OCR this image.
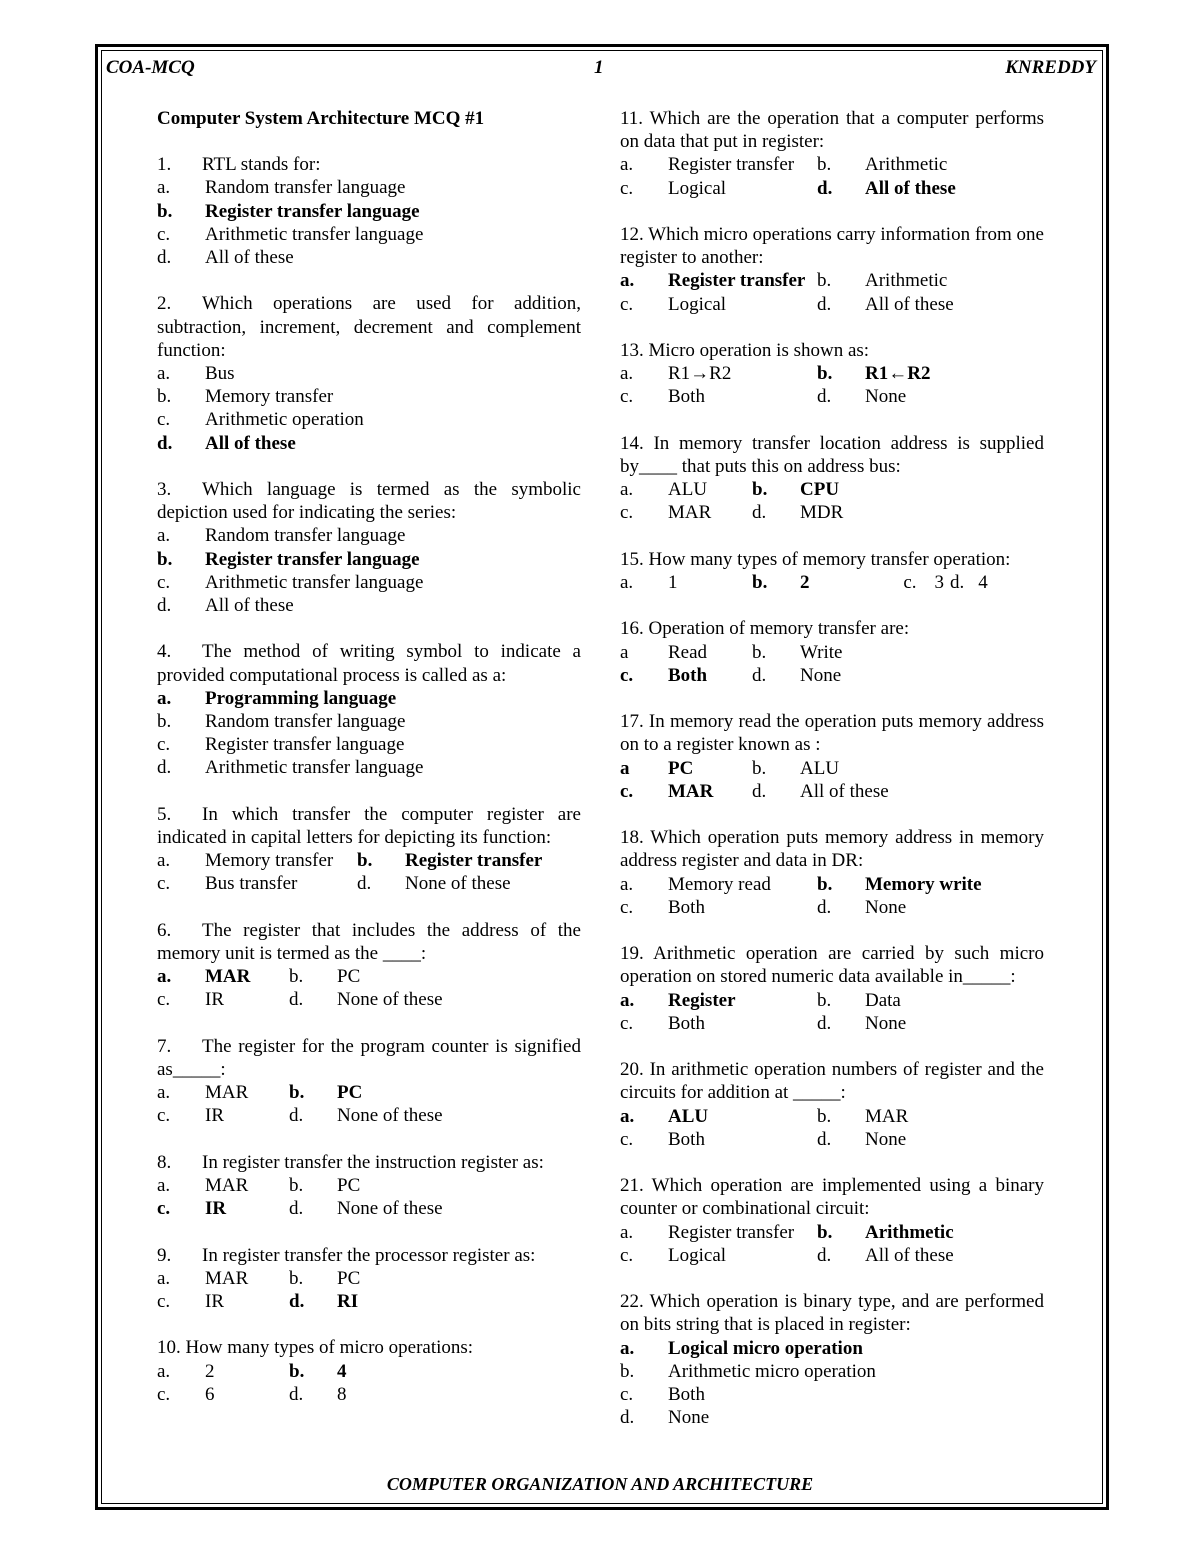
COA-MCQ	1	KNREDDY
Computer System Architecture MCQ #1
1. RTL stands for:
a.	Random transfer language
b.	Register transfer language
c.	Arithmetic transfer language
d.	All of these
2. Which operations are used for addition, subtraction, increment, decrement and complement function:
a.	Bus
b.	Memory transfer
c.	Arithmetic operation
d.	All of these
3. Which language is termed as the symbolic depiction used for indicating the series:
a.	Random transfer language
b.	Register transfer language
c.	Arithmetic transfer language
d.	All of these
4. The method of writing symbol to indicate a provided computational process is called as a:
a.	Programming language
b.	Random transfer language
c.	Register transfer language
d.	Arithmetic transfer language
5. In which transfer the computer register are indicated in capital letters for depicting its function:
a.	Memory transfer b.	Register transfer
c.	Bus transfer	d.	None of these
6. The register that includes the address of the memory unit is termed as the ____:
a.	MAR b.	PC
c.	IR	d.	None of these
7. The register for the program counter is signified as_____:
a.	MAR b.	PC
c.	IR	d.	None of these
8. In register transfer the instruction register as:
a.	MAR b.	PC
c.	IR	d.	None of these
9. In register transfer the processor register as:
a.	MAR b.	PC
c.	IR	d.	RI
10. How many types of micro operations:
a.	2	b.	4
c.	6	d.	8
11. Which are the operation that a computer performs on data that put in register:
a.	Register transfer b.	Arithmetic
c.	Logical	d.	All of these
12. Which micro operations carry information from one register to another:
a.	Register transfer b.	Arithmetic
c.	Logical	d.	All of these
13. Micro operation is shown as:
a.	R1→R2	b.	R1←R2
c.	Both	d.	None
14. In memory transfer location address is supplied by____ that puts this on address bus:
a.	ALU b.	CPU
c.	MAR d.	MDR
15. How many types of memory transfer operation:
a.	1	b.	2	c. 3 d. 4
16. Operation of memory transfer are:
a	Read b.	Write
c.	Both d.	None
17. In memory read the operation puts memory address on to a register known as :
a	PC	b.	ALU
c.	MAR d.	All of these
18. Which operation puts memory address in memory address register and data in DR:
a.	Memory read b.	Memory write
c.	Both	d.	None
19. Arithmetic operation are carried by such micro operation on stored numeric data available in_____:
a.	Register	b.	Data
c.	Both	d.	None
20. In arithmetic operation numbers of register and the circuits for addition at _____:
a.	ALU	b.	MAR
c.	Both	d.	None
21. Which operation are implemented using a binary counter or combinational circuit:
a.	Register transfer b.	Arithmetic
c.	Logical	d.	All of these
22. Which operation is binary type, and are performed on bits string that is placed in register:
a.	Logical micro operation
b.	Arithmetic micro operation
c.	Both
d.	None
COMPUTER ORGANIZATION AND ARCHITECTURE
